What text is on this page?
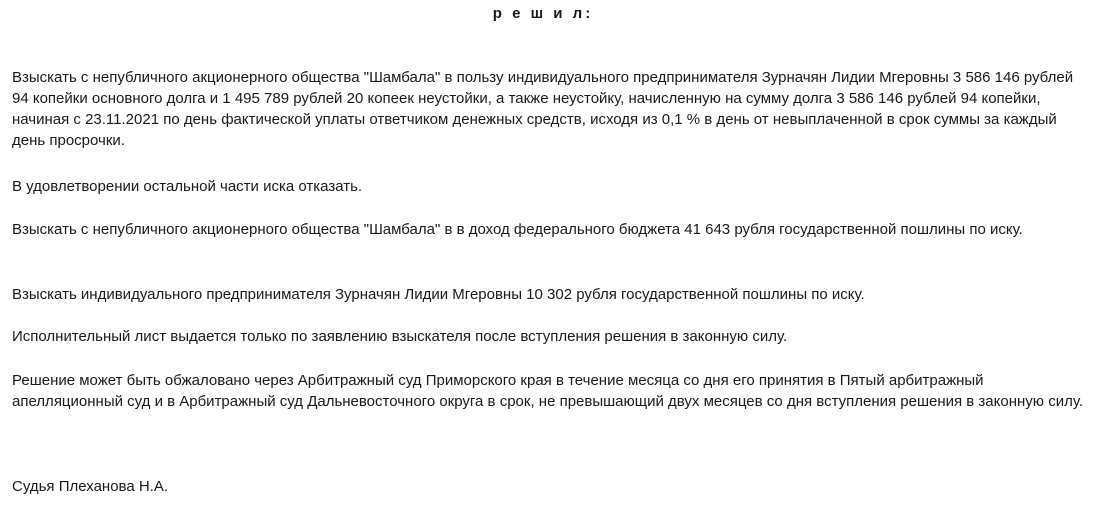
р е ш и л:

Взыскать с непубличного акционерного общества "Шамбала" в пользу индивидуального предпринимателя Зурначян Лидии Мгеровны 3 586 146 рублей 94 копейки основного долга и 1 495 789 рублей 20 копеек неустойки, а также неустойку, начисленную на сумму долга 3 586 146 рублей 94 копейки, начиная с 23.11.2021 по день фактической уплаты ответчиком денежных средств, исходя из 0,1 % в день от невыплаченной в срок суммы за каждый день просрочки.

В удовлетворении остальной части иска отказать.

Взыскать с непубличного акционерного общества "Шамбала" в в доход федерального бюджета 41 643 рубля государственной пошлины по иску.

Взыскать индивидуального предпринимателя Зурначян Лидии Мгеровны 10 302 рубля государственной пошлины по иску.

Исполнительный лист выдается только по заявлению взыскателя после вступления решения в законную силу.

Решение может быть обжаловано через Арбитражный суд Приморского края в течение месяца со дня его принятия в Пятый арбитражный апелляционный суд и в Арбитражный суд Дальневосточного округа в срок, не превышающий двух месяцев со дня вступления решения в законную силу.

Судья Плеханова Н.А.
